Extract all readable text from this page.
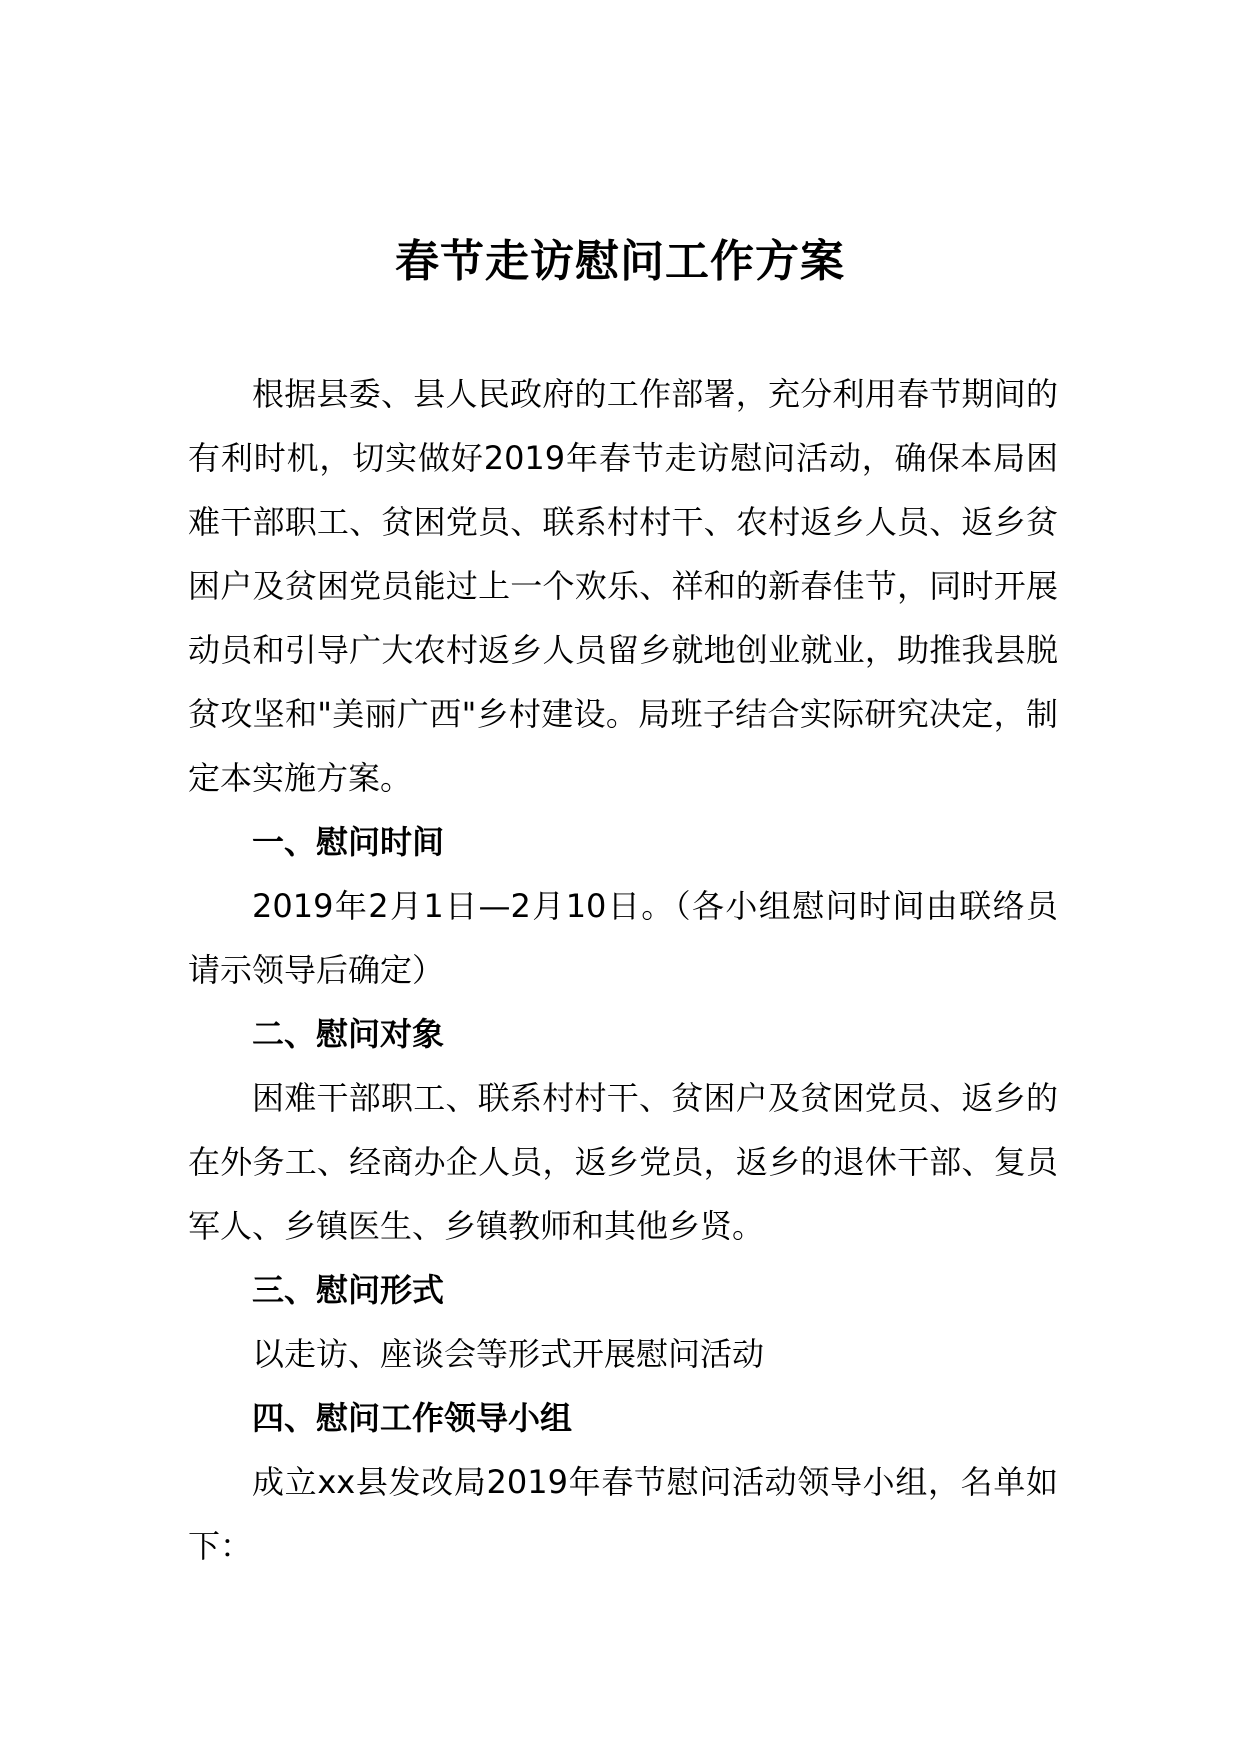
春节走访慰问工作方案

根据县委、县人民政府的工作部署，充分利用春节期间的有利时机，切实做好2019年春节走访慰问活动，确保本局困难干部职工、贫困党员、联系村村干、农村返乡人员、返乡贫困户及贫困党员能过上一个欢乐、祥和的新春佳节，同时开展动员和引导广大农村返乡人员留乡就地创业就业，助推我县脱贫攻坚和"美丽广西"乡村建设。局班子结合实际研究决定，制定本实施方案。

一、慰问时间

2019年2月1日—2月10日。（各小组慰问时间由联络员请示领导后确定）

二、慰问对象

困难干部职工、联系村村干、贫困户及贫困党员、返乡的在外务工、经商办企人员，返乡党员，返乡的退休干部、复员军人、乡镇医生、乡镇教师和其他乡贤。

三、慰问形式

以走访、座谈会等形式开展慰问活动

四、慰问工作领导小组

成立xx县发改局2019年春节慰问活动领导小组，名单如下：
